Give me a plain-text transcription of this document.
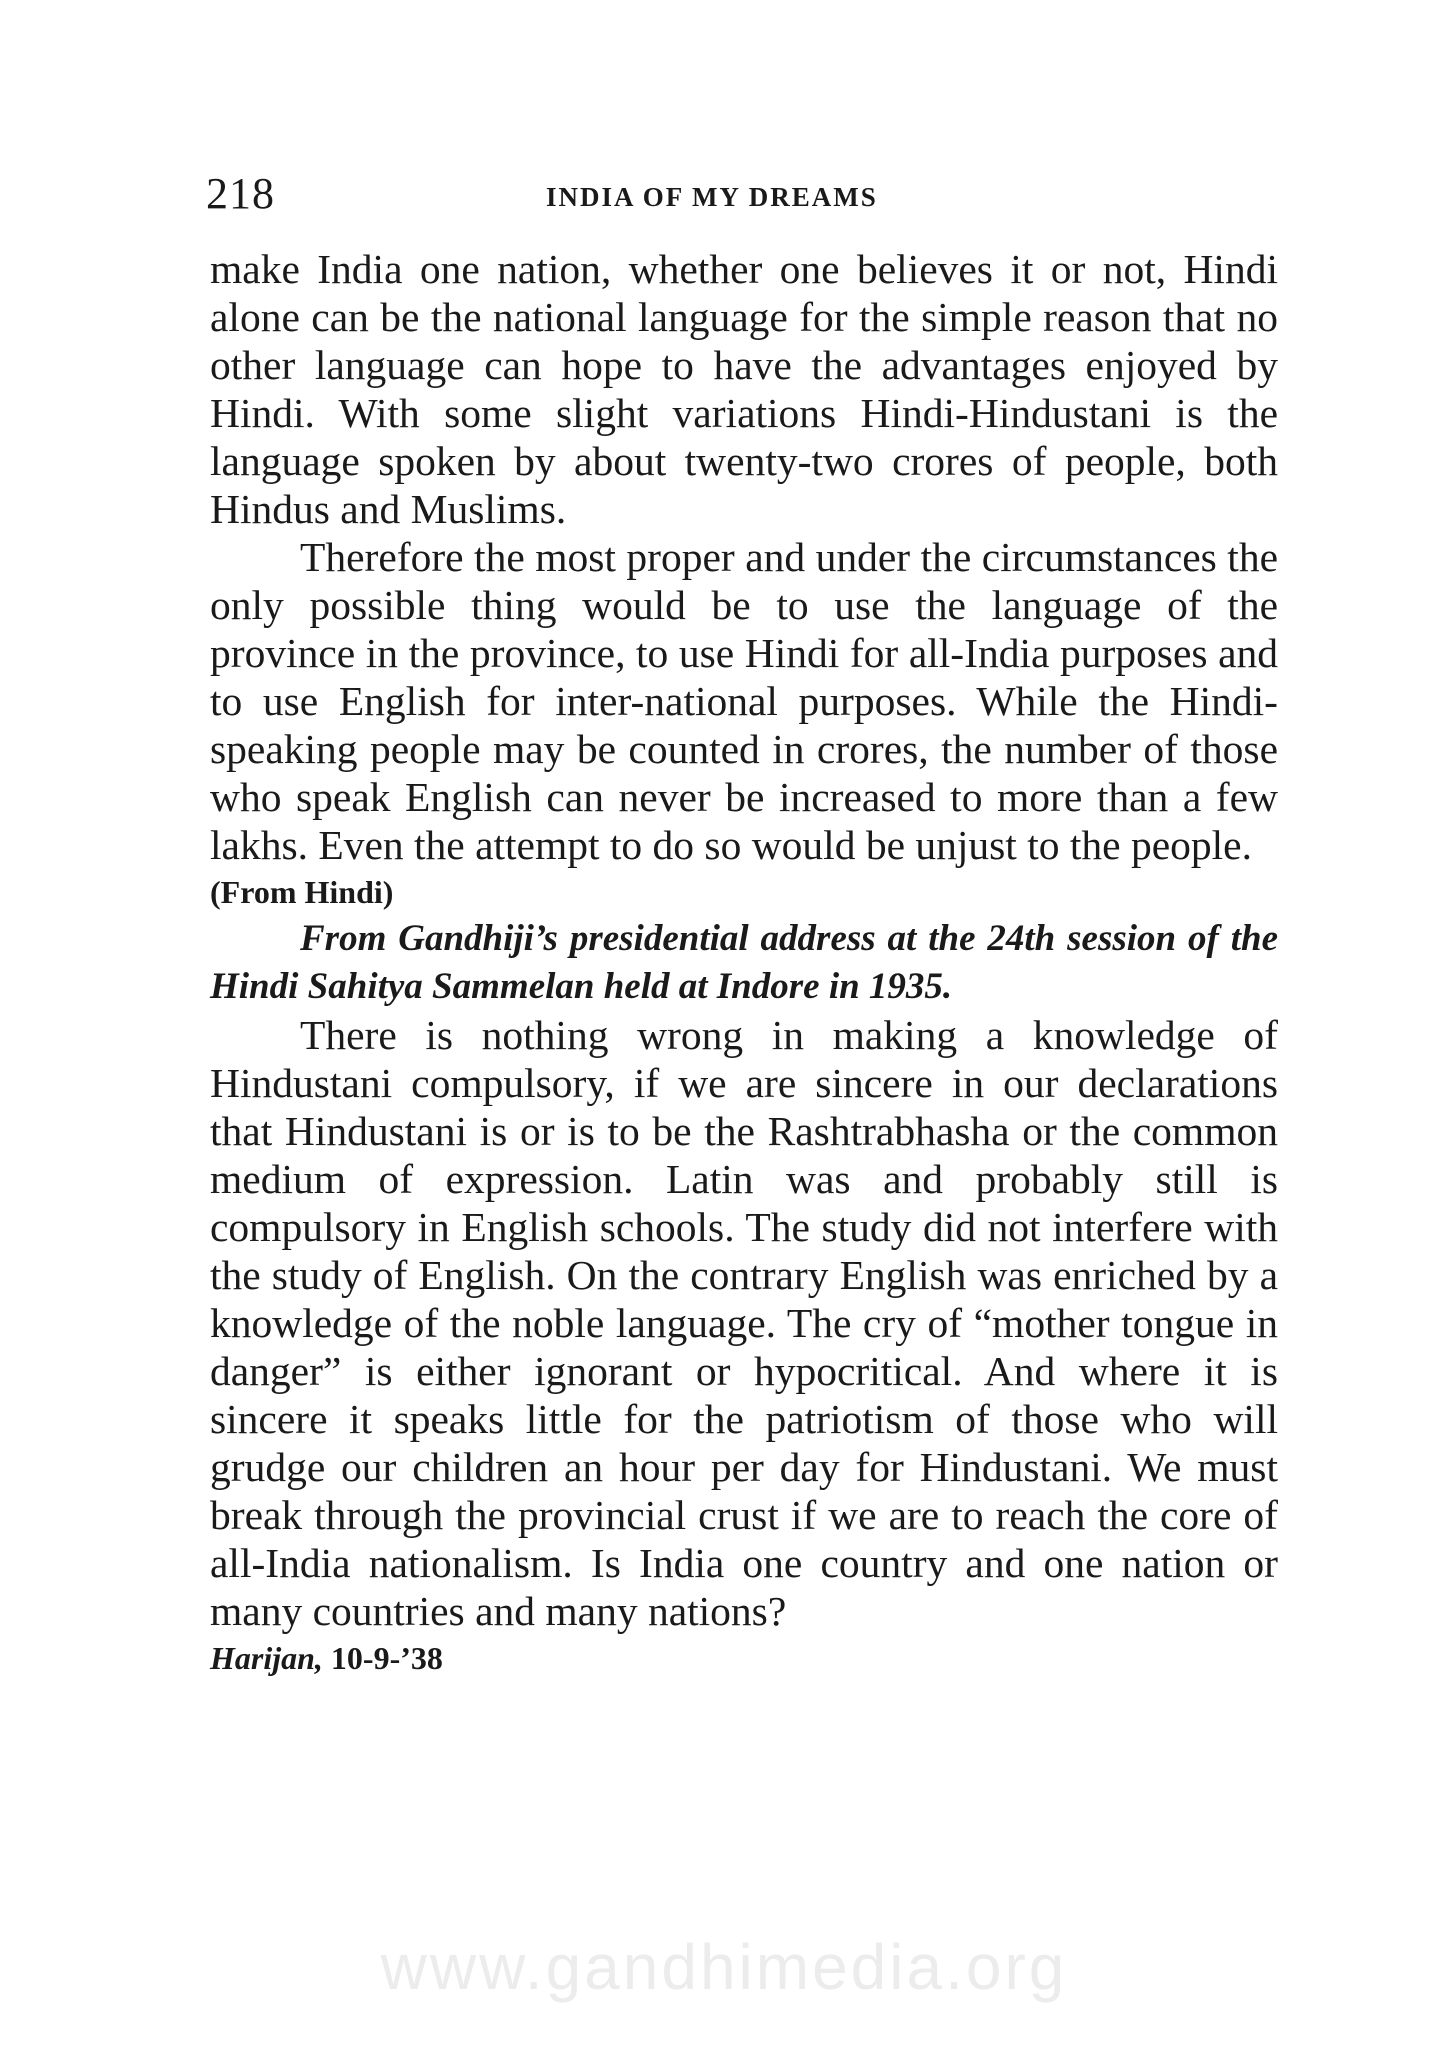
218	INDIA OF MY DREAMS

make India one nation, whether one believes it or not, Hindi alone can be the national language for the simple reason that no other language can hope to have the advantages enjoyed by Hindi. With some slight variations Hindi-Hindustani is the language spoken by about twenty-two crores of people, both Hindus and Muslims.

Therefore the most proper and under the circumstances the only possible thing would be to use the language of the province in the province, to use Hindi for all-India purposes and to use English for inter-national purposes. While the Hindi-speaking people may be counted in crores, the number of those who speak English can never be increased to more than a few lakhs. Even the attempt to do so would be unjust to the people.

(From Hindi)

From Gandhiji’s presidential address at the 24th session of the Hindi Sahitya Sammelan held at Indore in 1935.

There is nothing wrong in making a knowledge of Hindustani compulsory, if we are sincere in our declarations that Hindustani is or is to be the Rashtrabhasha or the common medium of expression. Latin was and probably still is compulsory in English schools. The study did not interfere with the study of English. On the contrary English was enriched by a knowledge of the noble language. The cry of “mother tongue in danger” is either ignorant or hypocritical. And where it is sincere it speaks little for the patriotism of those who will grudge our children an hour per day for Hindustani. We must break through the provincial crust if we are to reach the core of all-India nationalism. Is India one country and one nation or many countries and many nations?

Harijan, 10-9-’38

www.gandhimedia.org
